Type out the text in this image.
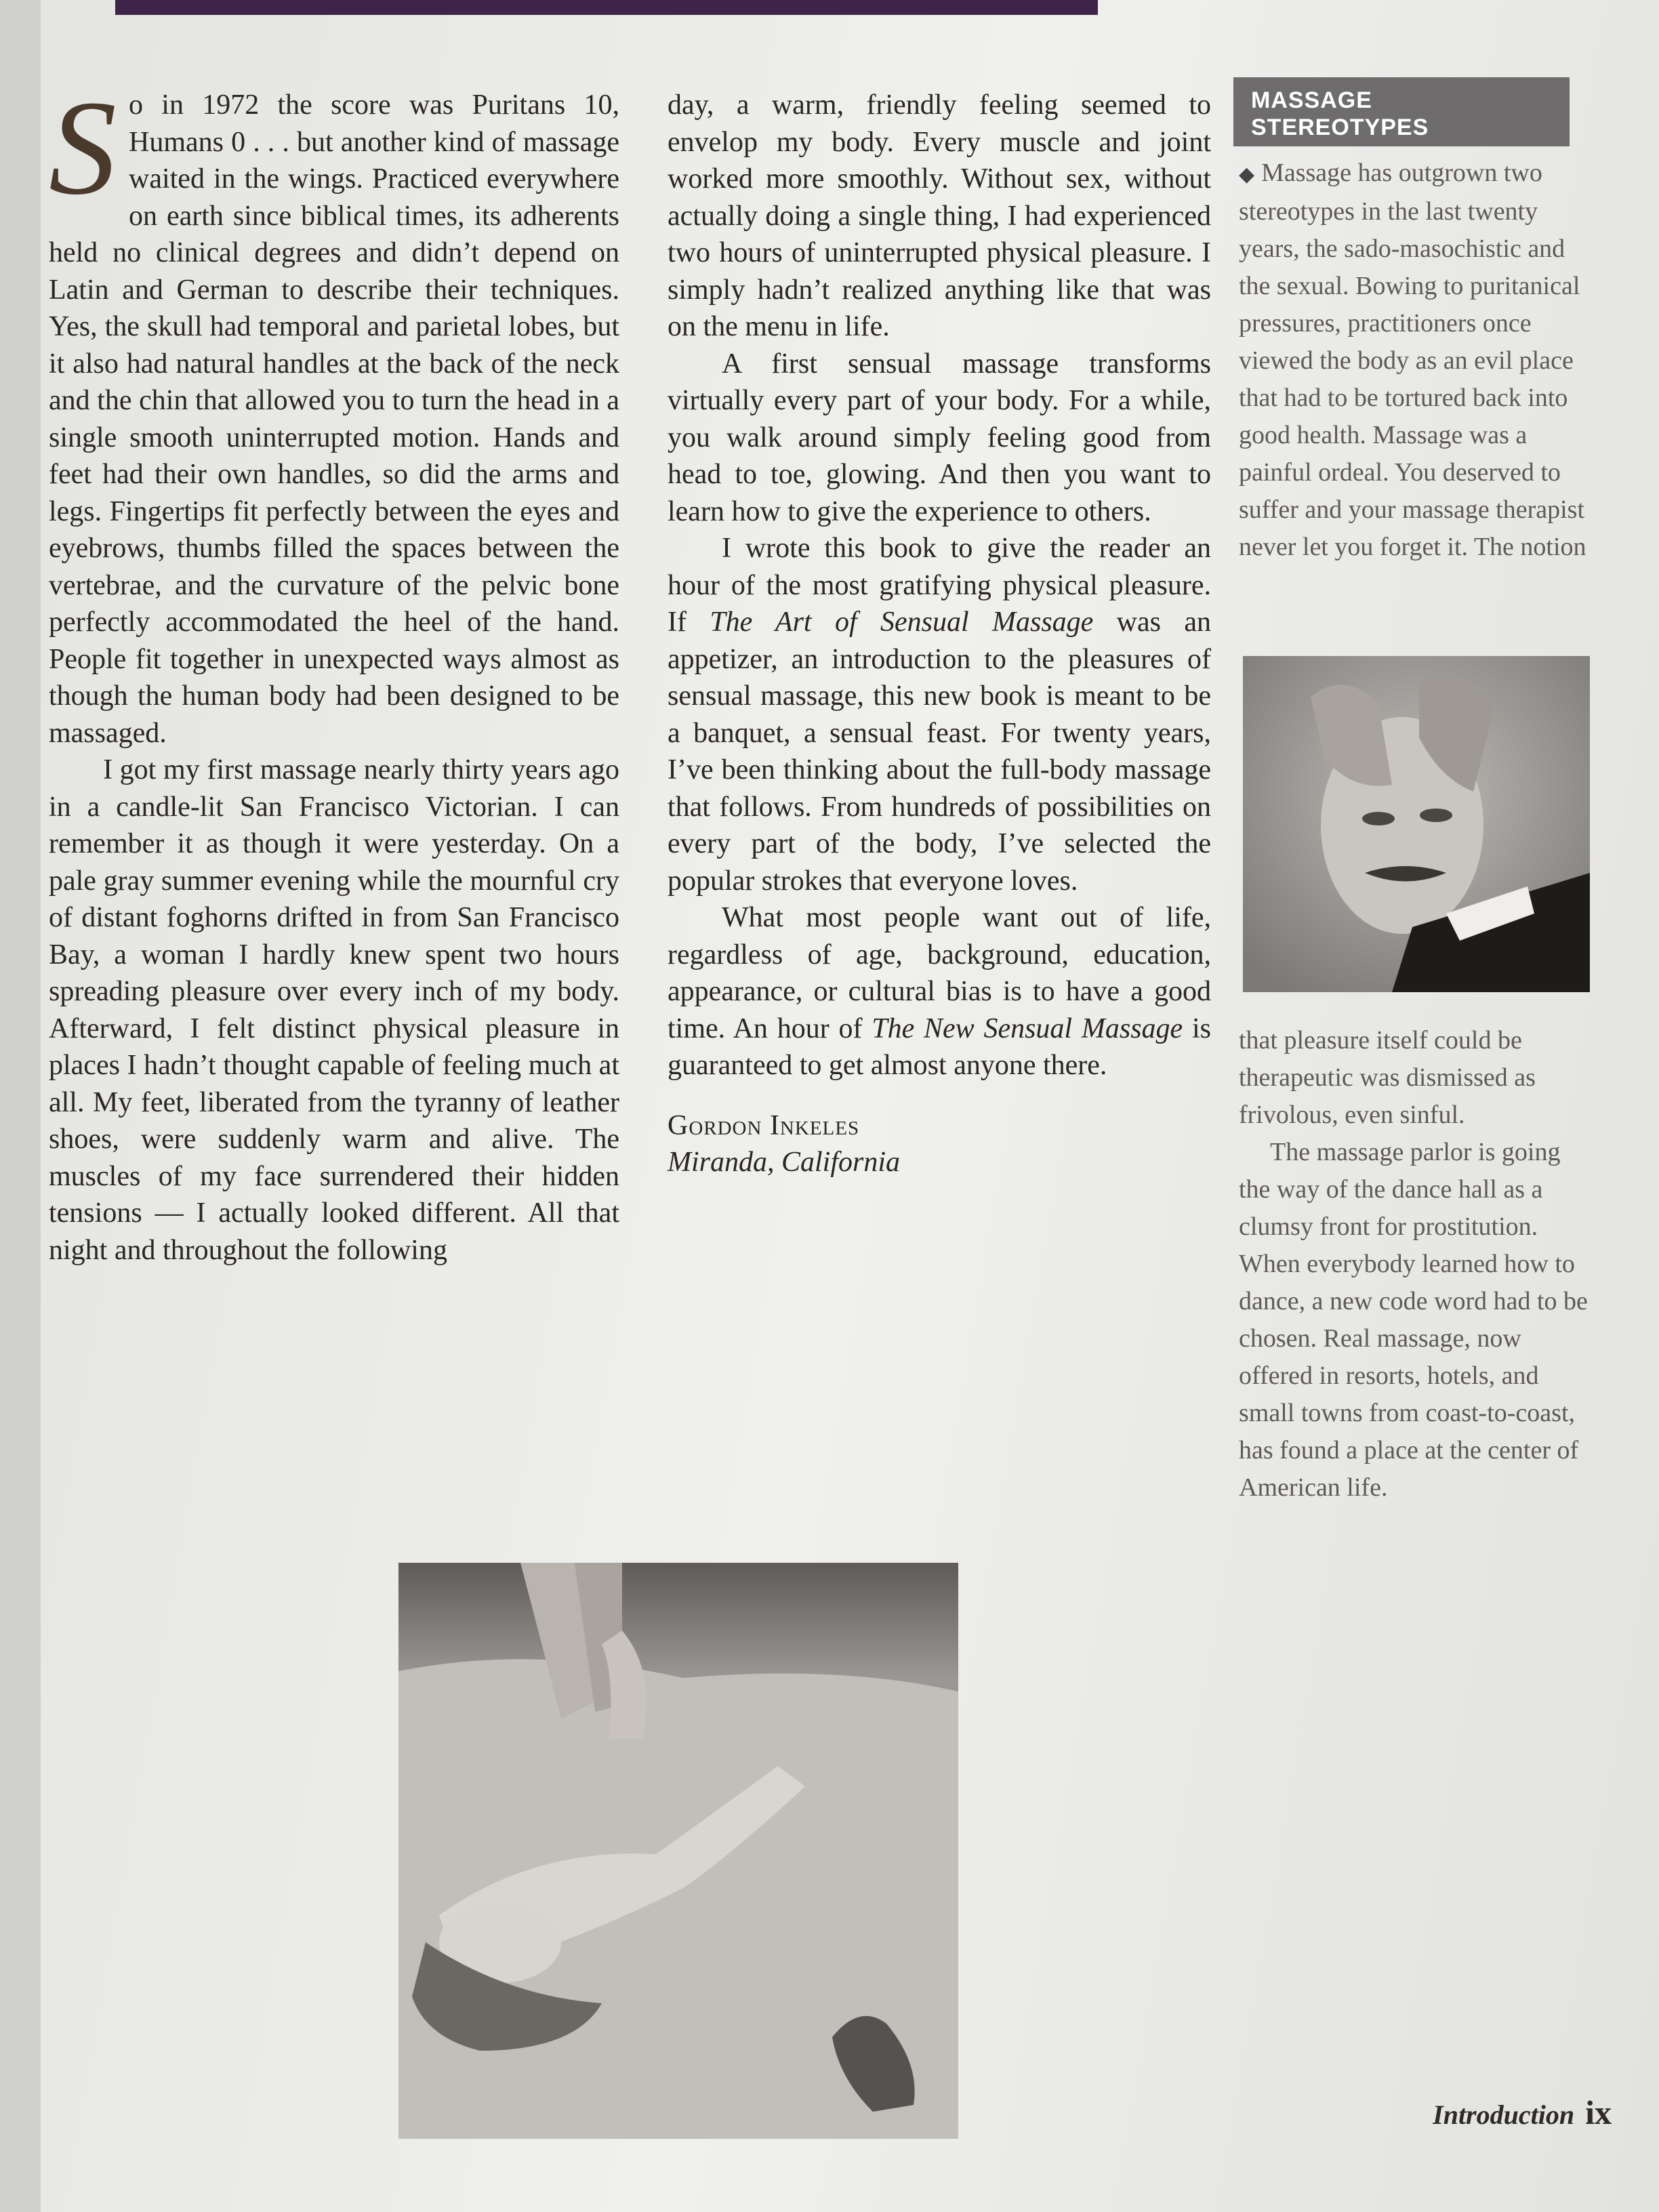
So in 1972 the score was Puritans 10, Humans 0 . . . but another kind of massage waited in the wings. Practiced everywhere on earth since biblical times, its adherents held no clinical degrees and didn’t depend on Latin and German to describe their techniques. Yes, the skull had temporal and parietal lobes, but it also had natural handles at the back of the neck and the chin that allowed you to turn the head in a single smooth uninterrupted motion. Hands and feet had their own handles, so did the arms and legs. Fingertips fit perfectly between the eyes and eyebrows, thumbs filled the spaces between the vertebrae, and the curvature of the pelvic bone perfectly accommodated the heel of the hand. People fit together in unexpected ways almost as though the human body had been designed to be massaged.

I got my first massage nearly thirty years ago in a candle-lit San Francisco Victorian. I can remember it as though it were yesterday. On a pale gray summer evening while the mournful cry of distant foghorns drifted in from San Francisco Bay, a woman I hardly knew spent two hours spreading pleasure over every inch of my body. Afterward, I felt distinct physical pleasure in places I hadn’t thought capable of feeling much at all. My feet, liberated from the tyranny of leather shoes, were suddenly warm and alive. The muscles of my face surrendered their hidden tensions — I actually looked different. All that night and throughout the following

day, a warm, friendly feeling seemed to envelop my body. Every muscle and joint worked more smoothly. Without sex, without actually doing a single thing, I had experienced two hours of uninterrupted physical pleasure. I simply hadn’t realized anything like that was on the menu in life.

A first sensual massage transforms virtually every part of your body. For a while, you walk around simply feeling good from head to toe, glowing. And then you want to learn how to give the experience to others.

I wrote this book to give the reader an hour of the most gratifying physical pleasure. If The Art of Sensual Massage was an appetizer, an introduction to the pleasures of sensual massage, this new book is meant to be a banquet, a sensual feast. For twenty years, I’ve been thinking about the full-body massage that follows. From hundreds of possibilities on every part of the body, I’ve selected the popular strokes that everyone loves.

What most people want out of life, regardless of age, background, education, appearance, or cultural bias is to have a good time. An hour of The New Sensual Massage is guaranteed to get almost anyone there.

Gordon Inkeles
Miranda, California
MASSAGE
STEREOTYPES

◆ Massage has outgrown two stereotypes in the last twenty years, the sado-masochistic and the sexual. Bowing to puritanical pressures, practitioners once viewed the body as an evil place that had to be tortured back into good health. Massage was a painful ordeal. You deserved to suffer and your massage therapist never let you forget it. The notion

that pleasure itself could be therapeutic was dismissed as frivolous, even sinful.

The massage parlor is going the way of the dance hall as a clumsy front for prostitution. When everybody learned how to dance, a new code word had to be chosen. Real massage, now offered in resorts, hotels, and small towns from coast-to-coast, has found a place at the center of American life.

Introduction ix
